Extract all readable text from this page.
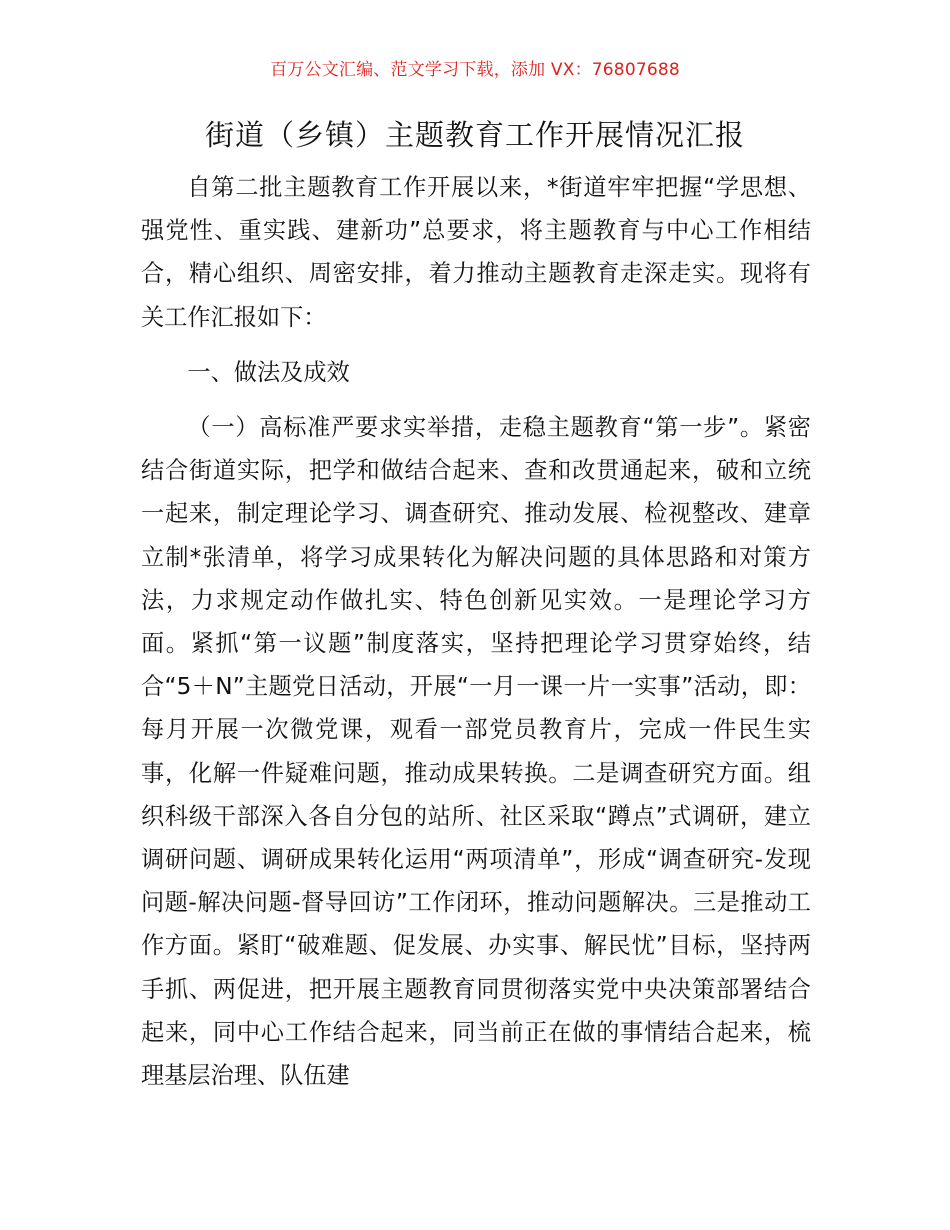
百万公文汇编、范文学习下载，添加 VX：76807688
街道（乡镇）主题教育工作开展情况汇报

自第二批主题教育工作开展以来，*街道牢牢把握“学思想、强党性、重实践、建新功”总要求，将主题教育与中心工作相结合，精心组织、周密安排，着力推动主题教育走深走实。现将有关工作汇报如下：

一、做法及成效

（一）高标准严要求实举措，走稳主题教育“第一步”。紧密结合街道实际，把学和做结合起来、查和改贯通起来，破和立统一起来，制定理论学习、调查研究、推动发展、检视整改、建章立制*张清单，将学习成果转化为解决问题的具体思路和对策方法，力求规定动作做扎实、特色创新见实效。一是理论学习方面。紧抓“第一议题”制度落实，坚持把理论学习贯穿始终，结合“5＋N”主题党日活动，开展“一月一课一片一实事”活动，即：每月开展一次微党课，观看一部党员教育片，完成一件民生实事，化解一件疑难问题，推动成果转换。二是调查研究方面。组织科级干部深入各自分包的站所、社区采取“蹲点”式调研，建立调研问题、调研成果转化运用“两项清单”，形成“调查研究-发现问题-解决问题-督导回访”工作闭环，推动问题解决。三是推动工作方面。紧盯“破难题、促发展、办实事、解民忧”目标，坚持两手抓、两促进，把开展主题教育同贯彻落实党中央决策部署结合起来，同中心工作结合起来，同当前正在做的事情结合起来，梳理基层治理、队伍建
